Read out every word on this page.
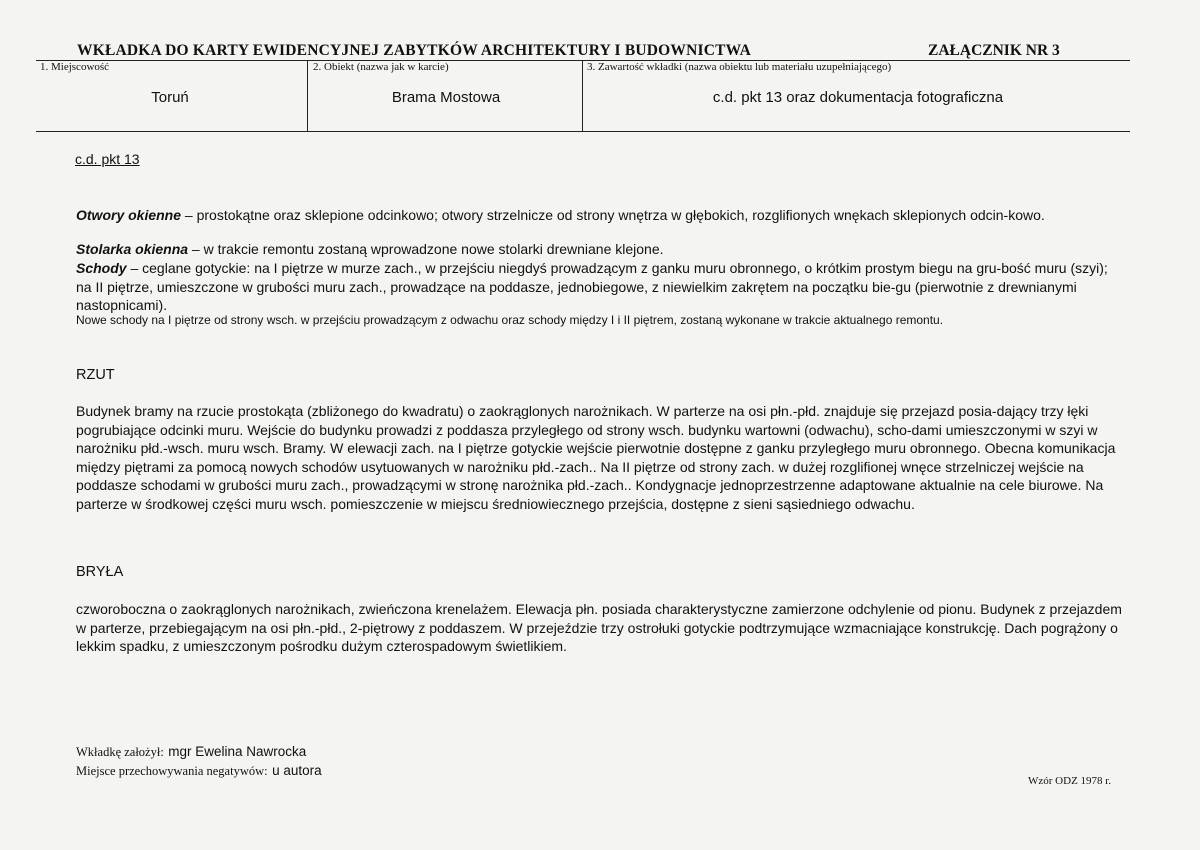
WKŁADKA DO KARTY EWIDENCYJNEJ ZABYTKÓW ARCHITEKTURY I BUDOWNICTWA	ZAŁĄCZNIK NR 3
1. Miejscowość
Toruń
2. Obiekt (nazwa jak w karcie)
Brama Mostowa
3. Zawartość wkładki (nazwa obiektu lub materiału uzupełniającego)
c.d. pkt 13 oraz dokumentacja fotograficzna
c.d. pkt 13

Otwory okienne – prostokątne oraz sklepione odcinkowo; otwory strzelnicze od strony wnętrza w głębokich, rozglifionych wnękach sklepionych odcin-kowo.

Stolarka okienna – w trakcie remontu zostaną wprowadzone nowe stolarki drewniane klejone.

Schody – ceglane gotyckie: na I piętrze w murze zach., w przejściu niegdyś prowadzącym z ganku muru obronnego, o krótkim prostym biegu na gru-bość muru (szyi); na II piętrze, umieszczone w grubości muru zach., prowadzące na poddasze, jednobiegowe, z niewielkim zakrętem na początku bie-gu (pierwotnie z drewnianymi nastopnicami).

Nowe schody na I piętrze od strony wsch. w przejściu prowadzącym z odwachu oraz schody między I i II piętrem, zostaną wykonane w trakcie aktualnego remontu.
RZUT

Budynek bramy na rzucie prostokąta (zbliżonego do kwadratu) o zaokrąglonych narożnikach. W parterze na osi płn.-płd. znajduje się przejazd posia-dający trzy łęki pogrubiające odcinki muru. Wejście do budynku prowadzi z poddasza przyległego od strony wsch. budynku wartowni (odwachu), scho-dami umieszczonymi w szyi w narożniku płd.-wsch. muru wsch. Bramy. W elewacji zach. na I piętrze gotyckie wejście pierwotnie dostępne z ganku przyległego muru obronnego. Obecna komunikacja między piętrami za pomocą nowych schodów usytuowanych w narożniku płd.-zach.. Na II piętrze od strony zach. w dużej rozglifionej wnęce strzelniczej wejście na poddasze schodami w grubości muru zach., prowadzącymi w stronę narożnika płd.-zach.. Kondygnacje jednoprzestrzenne adaptowane aktualnie na cele biurowe. Na parterze w środkowej części muru wsch. pomieszczenie w miejscu średniowiecznego przejścia, dostępne z sieni sąsiedniego odwachu.

BRYŁA

czworoboczna o zaokrąglonych narożnikach, zwieńczona krenelażem. Elewacja płn. posiada charakterystyczne zamierzone odchylenie od pionu. Budynek z przejazdem w parterze, przebiegającym na osi płn.-płd., 2-piętrowy z poddaszem. W przejeździe trzy ostrołuki gotyckie podtrzymujące wzmacniające konstrukcję. Dach pogrążony o lekkim spadku, z umieszczonym pośrodku dużym czterospadowym świetlikiem.

Wkładkę założył: mgr Ewelina Nawrocka
Miejsce przechowywania negatywów: u autora
Wzór ODZ 1978 r.
